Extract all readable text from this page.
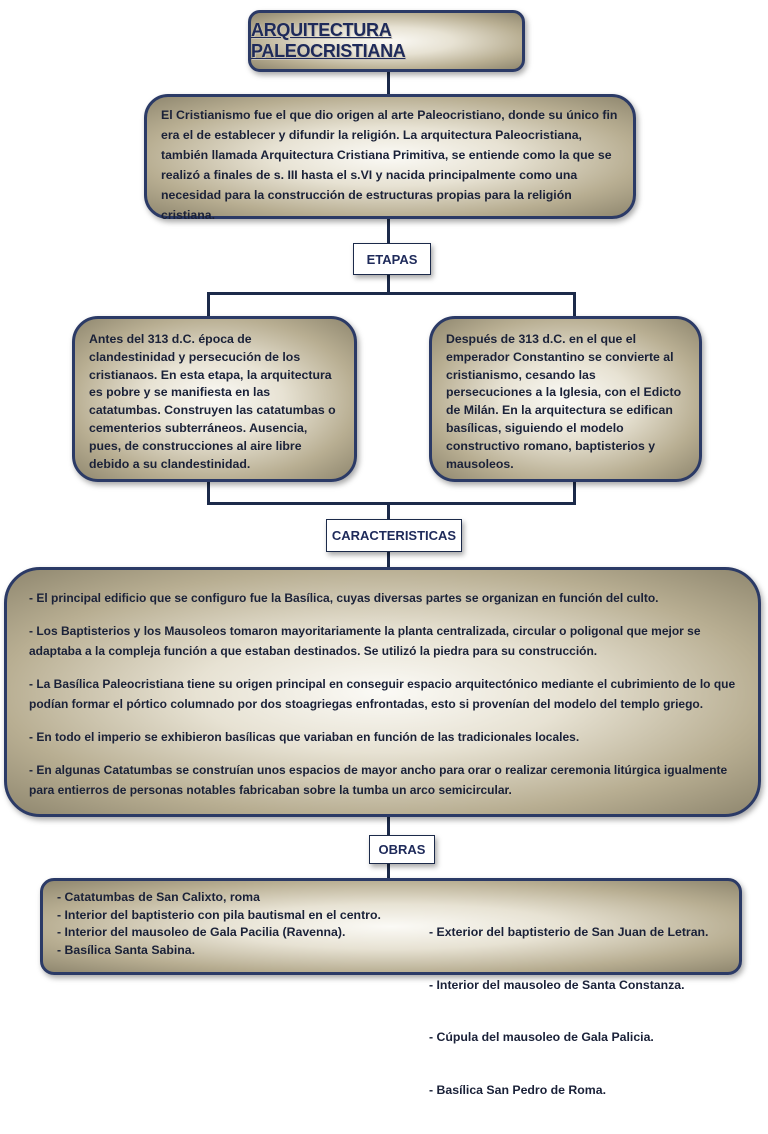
ARQUITECTURA PALEOCRISTIANA
El Cristianismo fue el que dio origen al arte Paleocristiano, donde su único fin era el de establecer y difundir la religión. La arquitectura Paleocristiana, también llamada Arquitectura Cristiana Primitiva, se entiende como la que se realizó a finales de s. III hasta el s.VI y nacida principalmente como una necesidad para la construcción de estructuras propias para la religión cristiana.
ETAPAS
Antes del 313 d.C. época de clandestinidad y persecución de los cristianaos. En esta etapa, la arquitectura es pobre y se manifiesta en las catatumbas. Construyen las catatumbas o cementerios subterráneos. Ausencia, pues, de construcciones al aire libre debido a su clandestinidad.
Después de 313 d.C. en el que el emperador Constantino se convierte al cristianismo, cesando las persecuciones a la Iglesia, con el Edicto de Milán. En la arquitectura se edifican basílicas, siguiendo el modelo constructivo romano, baptisterios y mausoleos.
CARACTERISTICAS

- El principal edificio que se configuro fue la Basílica, cuyas diversas partes se organizan en función del culto.

- Los Baptisterios y los Mausoleos tomaron mayoritariamente la planta centralizada, circular o poligonal que mejor se adaptaba a la compleja función a que estaban destinados. Se utilizó la piedra para su construcción.

- La Basílica Paleocristiana tiene su origen principal en conseguir espacio arquitectónico mediante el cubrimiento de lo que podían formar el pórtico columnado por dos stoagriegas enfrontadas, esto si provenían del modelo del templo griego.

- En todo el imperio se exhibieron basílicas que variaban en función de las tradicionales locales.

- En algunas Catatumbas se construían unos espacios de mayor ancho para orar o realizar ceremonia litúrgica igualmente para entierros de personas notables fabricaban sobre la tumba un arco semicircular.

OBRAS
- Catatumbas de San Calixto, roma
- Interior del baptisterio con pila bautismal en el centro.
- Interior del mausoleo de Gala Pacilia (Ravenna).
- Basílica Santa Sabina.

- Exterior del baptisterio de San Juan de Letran.

- Interior del mausoleo de Santa Constanza.

- Cúpula del mausoleo de Gala Palicia.

- Basílica San Pedro de Roma.
